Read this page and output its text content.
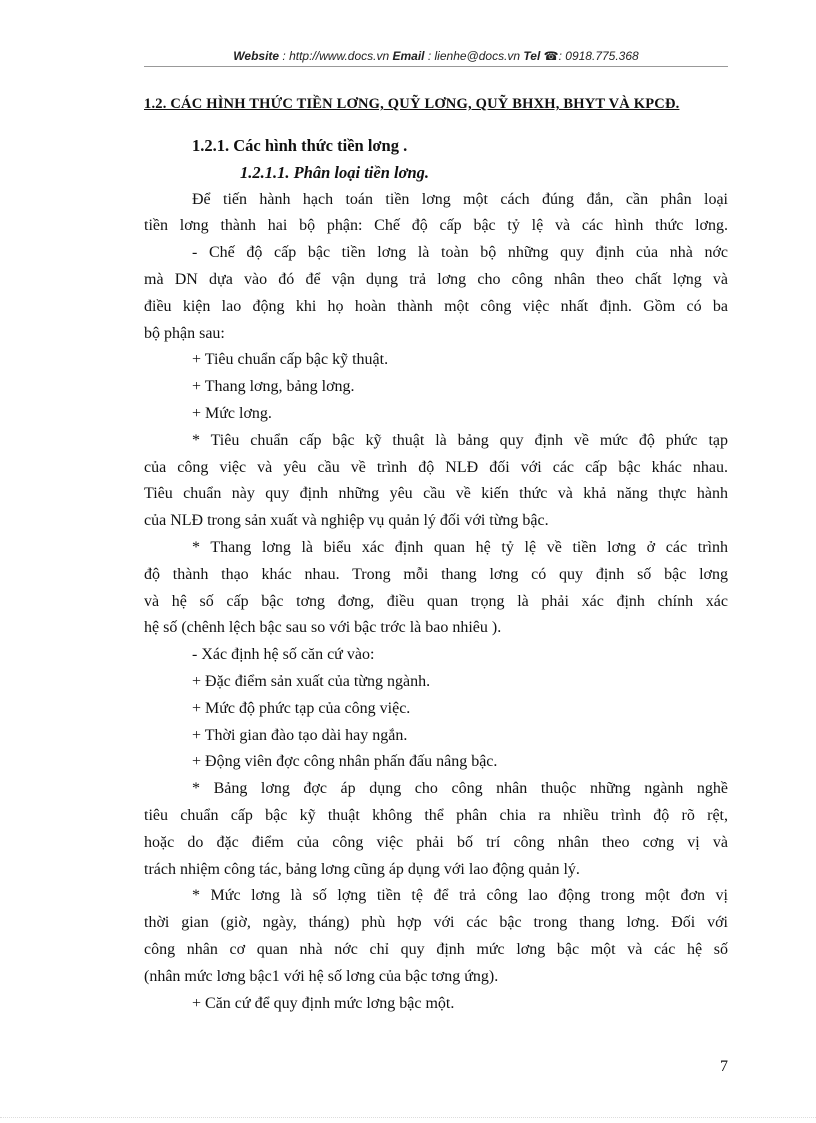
Website : http://www.docs.vn Email : lienhe@docs.vn Tel ☎: 0918.775.368
1.2. CÁC HÌNH THỨC TIỀN LƠNG, QUỸ LƠNG, QUỸ BHXH, BHYT VÀ KPCĐ.
1.2.1. Các hình thức tiền lơng .
1.2.1.1. Phân loại tiền lơng.
Để tiến hành hạch toán tiền lơng một cách đúng đắn, cần phân loại
tiền lơng thành hai bộ phận: Chế độ cấp bậc tỷ lệ và các hình thức lơng.
- Chế độ cấp bậc tiền lơng là toàn bộ những quy định của nhà nớc
mà DN dựa vào đó để vận dụng trả lơng cho công nhân theo chất lợng và
điều kiện lao động khi họ hoàn thành một công việc nhất định. Gồm có ba
bộ phận sau:
+ Tiêu chuẩn cấp bậc kỹ thuật.
+ Thang lơng, bảng lơng.
+ Mức lơng.
* Tiêu chuẩn cấp bậc kỹ thuật là bảng quy định về mức độ phức tạp
của công việc và yêu cầu về trình độ NLĐ đối với các cấp bậc khác nhau.
Tiêu chuẩn này quy định những yêu cầu về kiến thức và khả năng thực hành
của NLĐ trong sản xuất và nghiệp vụ quản lý đối với từng bậc.
* Thang lơng là biểu xác định quan hệ tỷ lệ về tiền lơng ở các trình
độ thành thạo khác nhau. Trong mỗi thang lơng có quy định số bậc lơng
và hệ số cấp bậc tơng đơng, điều quan trọng là phải xác định chính xác
hệ số (chênh lệch bậc sau so với bậc trớc là bao nhiêu ).
- Xác định hệ số căn cứ vào:
+ Đặc điểm sản xuất của từng ngành.
+ Mức độ phức tạp của công việc.
+ Thời gian đào tạo dài hay ngắn.
+ Động viên đợc công nhân phấn đấu nâng bậc.
* Bảng lơng đợc áp dụng cho công nhân thuộc những ngành nghề
tiêu chuẩn cấp bậc kỹ thuật không thể phân chia ra nhiều trình độ rõ rệt,
hoặc do đặc điểm của công việc phải bố trí công nhân theo cơng vị và
trách nhiệm công tác, bảng lơng cũng áp dụng với lao động quản lý.
* Mức lơng là số lợng tiền tệ để trả công lao động trong một đơn vị
thời gian (giờ, ngày, tháng) phù hợp với các bậc trong thang lơng. Đối với
công nhân cơ quan nhà nớc chỉ quy định mức lơng bậc một và các hệ số
(nhân mức lơng bậc1 với hệ số lơng của bậc tơng ứng).
+ Căn cứ để quy định mức lơng bậc một.
7
